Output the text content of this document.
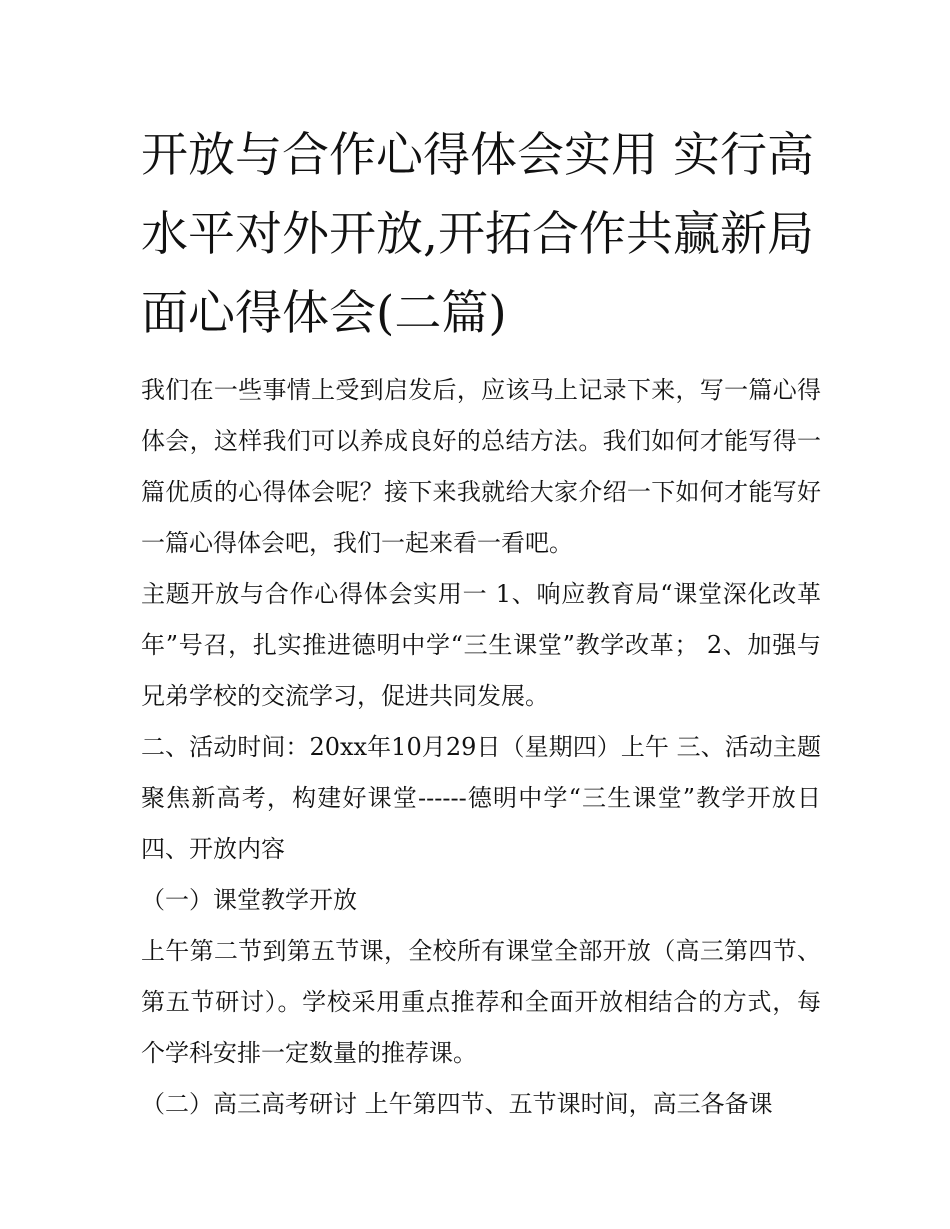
开放与合作心得体会实用 实行高水平对外开放,开拓合作共赢新局面心得体会(二篇)

我们在一些事情上受到启发后，应该马上记录下来，写一篇心得体会，这样我们可以养成良好的总结方法。我们如何才能写得一篇优质的心得体会呢？接下来我就给大家介绍一下如何才能写好一篇心得体会吧，我们一起来看一看吧。

主题开放与合作心得体会实用一 1、响应教育局“课堂深化改革年”号召，扎实推进德明中学“三生课堂”教学改革； 2、加强与兄弟学校的交流学习，促进共同发展。

二、活动时间：20xx年10月29日（星期四）上午 三、活动主题 聚焦新高考，构建好课堂------德明中学“三生课堂”教学开放日 四、开放内容

（一）课堂教学开放

上午第二节到第五节课，全校所有课堂全部开放（高三第四节、第五节研讨）。学校采用重点推荐和全面开放相结合的方式，每个学科安排一定数量的推荐课。

（二）高三高考研讨 上午第四节、五节课时间，高三各备课
